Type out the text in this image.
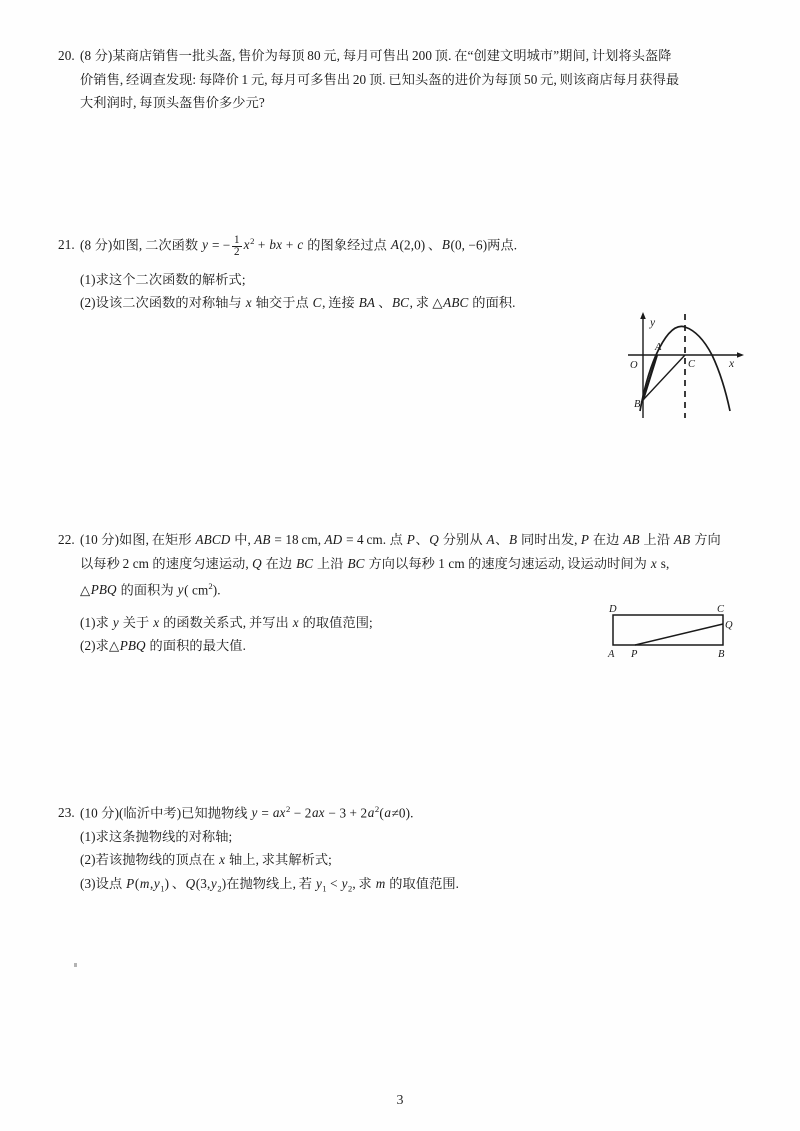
20. (8 分)某商店销售一批头盔, 售价为每顶 80 元, 每月可售出 200 顶. 在“创建文明城市”期间, 计划将头盔降
价销售, 经调查发现: 每降价 1 元, 每月可多售出 20 顶. 已知头盔的进价为每顶 50 元, 则该商店每月获得最
大利润时, 每顶头盔售价多少元?
21. (8 分)如图, 二次函数 y = − $\frac{1}{2} x^2$ + bx + c 的图象经过点 A(2,0) 、B(0, −6)两点.
(1)求这个二次函数的解析式;
(2)设该二次函数的对称轴与 x 轴交于点 C, 连接 BA 、BC, 求 △ABC 的面积.
y
x
O
A
B
C
22. (10 分)如图, 在矩形 ABCD 中, AB = 18 cm, AD = 4 cm. 点 P、Q 分别从 A、B 同时出发, P 在边 AB 上沿 AB 方向
以每秒 2 cm 的速度匀速运动, Q 在边 BC 上沿 BC 方向以每秒 1 cm 的速度匀速运动, 设运动时间为 x s,
△PBQ 的面积为 y( $cm^2$).
(1)求 y 关于 x 的函数关系式, 并写出 x 的取值范围;
(2)求△PBQ 的面积的最大值.
A	B
C
D
P
Q
23. (10 分)(临沂中考)已知抛物线 $y = ax^2 - 2ax - 3 + 2a^2(a\ne 0)$.
(1)求这条抛物线的对称轴;
(2)若该抛物线的顶点在 x 轴上, 求其解析式;
(3)设点 $P(m,y_1)$ 、$Q(3,y_2)$在抛物线上, 若 $y_1 < y_2$, 求 m 的取值范围.
3
